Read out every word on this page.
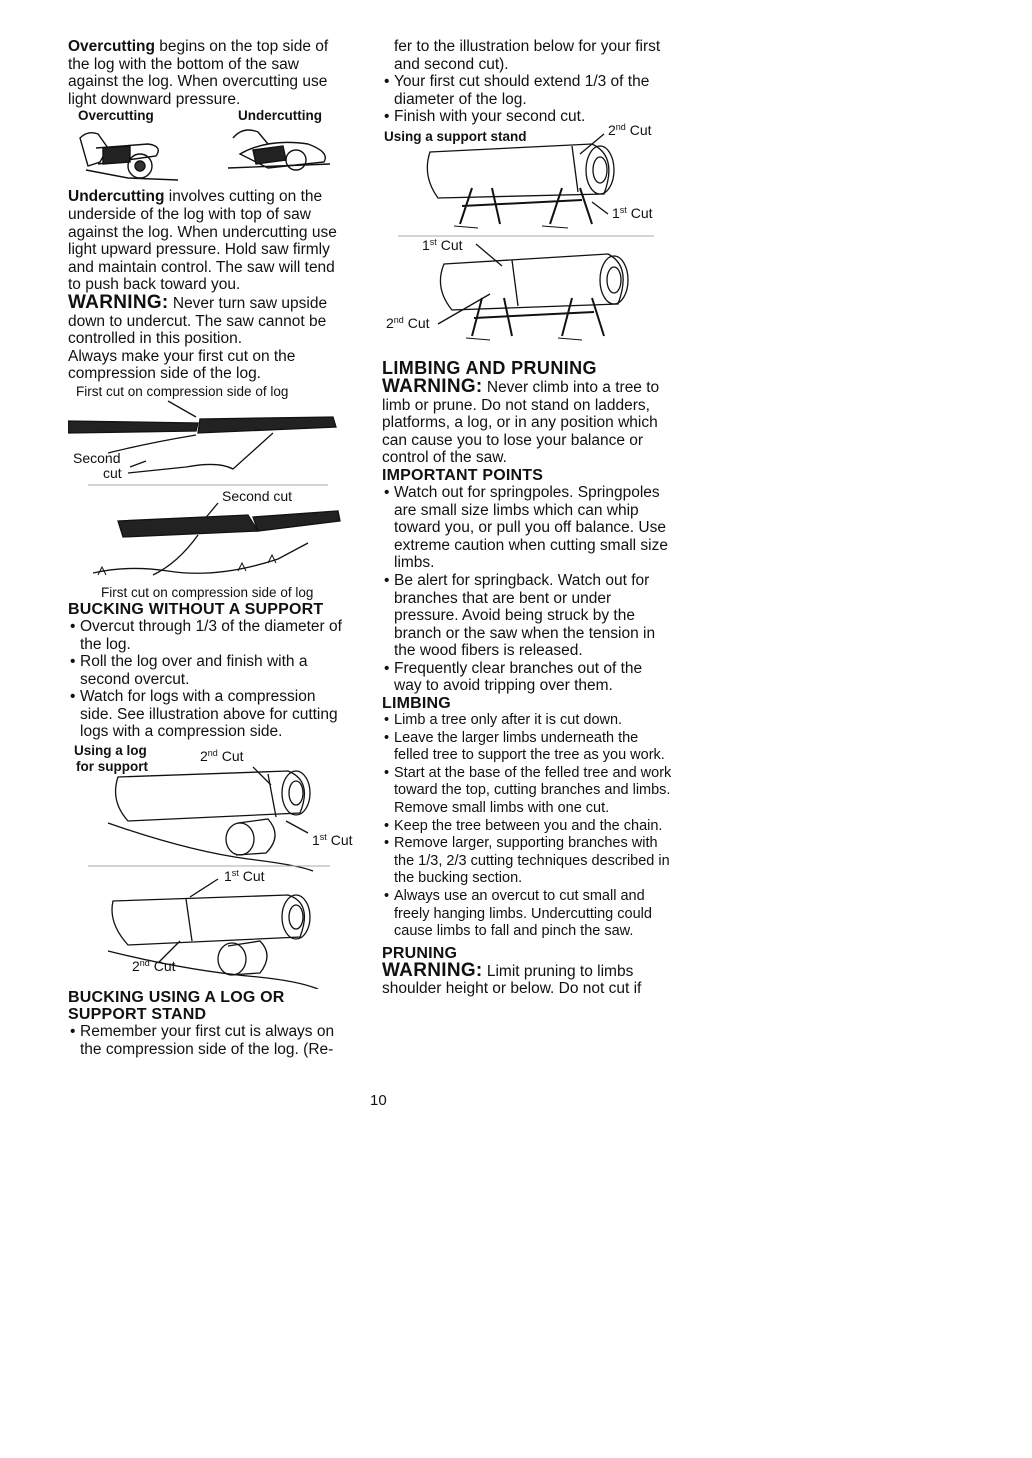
Overcutting begins on the top side of the log with the bottom of the saw against the log. When overcutting use light downward pressure.

Overcutting	Undercutting

Undercutting involves cutting on the underside of the log with top of saw against the log. When undercutting use light upward pressure. Hold saw firmly and maintain control. The saw will tend to push back toward you.

WARNING: Never turn saw upside down to undercut. The saw cannot be controlled in this position.

Always make your first cut on the compression side of the log.

First cut on compression side of log
Second
cut
Second cut
First cut on compression side of log
BUCKING WITHOUT A SUPPORT
• Overcut through 1/3 of the diameter of the log.
• Roll the log over and finish with a second overcut.
• Watch for logs with a compression side. See illustration above for cutting logs with a compression side.
Using a log
for support
2nd Cut
1st Cut
1st Cut
2nd Cut
BUCKING USING A LOG OR SUPPORT STAND
• Remember your first cut is always on the compression side of the log. (Re-

fer to the illustration below for your first and second cut).

• Your first cut should extend 1/3 of the diameter of the log.
• Finish with your second cut.
Using a support stand	2nd Cut
1st Cut
1st Cut
2nd Cut
LIMBING AND PRUNING

WARNING: Never climb into a tree to limb or prune. Do not stand on ladders, platforms, a log, or in any position which can cause you to lose your balance or control of the saw.

IMPORTANT POINTS
• Watch out for springpoles. Springpoles are small size limbs which can whip toward you, or pull you off balance. Use extreme caution when cutting small size limbs.
• Be alert for springback. Watch out for branches that are bent or under pressure. Avoid being struck by the branch or the saw when the tension in the wood fibers is released.
• Frequently clear branches out of the way to avoid tripping over them.
LIMBING
• Limb a tree only after it is cut down.
• Leave the larger limbs underneath the felled tree to support the tree as you work.
• Start at the base of the felled tree and work toward the top, cutting branches and limbs. Remove small limbs with one cut.
• Keep the tree between you and the chain.
• Remove larger, supporting branches with the 1/3, 2/3 cutting techniques described in the bucking section.
• Always use an overcut to cut small and freely hanging limbs. Undercutting could cause limbs to fall and pinch the saw.
PRUNING

WARNING: Limit pruning to limbs shoulder height or below. Do not cut if

10
